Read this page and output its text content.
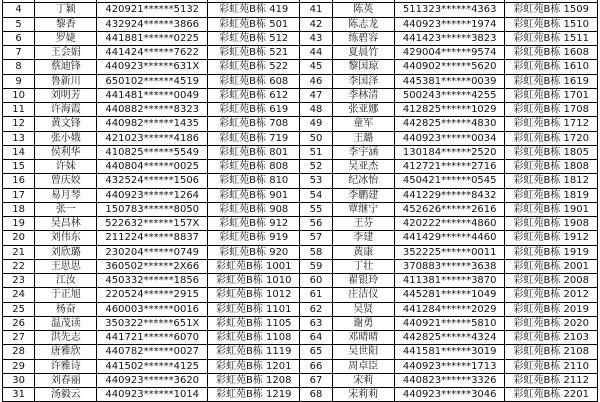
4	丁颖	420921******5132	彩虹苑B栋 419	41	陈英	511323******4363	彩虹苑B栋 1509
5	黎香	432924******3866	彩虹苑B栋 501	42	陈志龙	440923******1974	彩虹苑B栋 1510
6	罗婕	441881******0225	彩虹苑B栋 512	43	练碧容	441423******3823	彩虹苑B栋 1511
7	王会娟	441424******7622	彩虹苑B栋 521	44	夏晨竹	429004******9574	彩虹苑B栋 1608
8	蔡迪锋	440923******631X	彩虹苑B栋 522	45	黎国琼	440902******5620	彩虹苑B栋 1610
9	鲁新川	650102******4519	彩虹苑B栋 608	46	李国泽	445381******0039	彩虹苑B栋 1619
10	刘明芳	441481******0049	彩虹苑B栋 612	47	李林清	500243******4255	彩虹苑B栋 1701
11	许海霞	440882******8323	彩虹苑B栋 619	48	张亚娜	412825******1029	彩虹苑B栋 1708
12	黄文锋	440982******1435	彩虹苑B栋 708	49	童军	442825******4830	彩虹苑B栋 1712
13	张小娥	421023******4186	彩虹苑B栋 719	50	王璐	440923******0034	彩虹苑B栋 1720
14	侯利华	410825******5549	彩虹苑B栋 801	51	李宇涵	130184******2520	彩虹苑B栋 1805
15	许妹	440804******0025	彩虹苑B栋 808	52	吴亚杰	412721******2716	彩虹苑B栋 1808
16	曾庆姣	432524******1506	彩虹苑B栋 810	53	纪冰怡	450421******0545	彩虹苑B栋 1812
17	易月琴	440923******1264	彩虹苑B栋 901	54	李鹏建	441229******8432	彩虹苑B栋 1819
18	张一	150783******8050	彩虹苑B栋 908	55	覃继宁	452626******2616	彩虹苑B栋 1901
19	吴昌林	522632******157X	彩虹苑B栋 912	56	王芬	420222******4860	彩虹苑B栋 1908
20	刘伟东	211224******8837	彩虹苑B栋 919	57	李建	441429******4460	彩虹苑B栋 1912
21	刘欣璐	230204******0749	彩虹苑B栋 920	58	黄康	352225******0011	彩虹苑B栋 1919
22	王思思	360502******2X66	彩虹苑B栋 1001	59	丁壮	370883******3638	彩虹苑B栋 2001
23	江汝	450332******1856	彩虹苑B栋 1010	60	翟银玲	411381******3870	彩虹苑B栋 2008
24	于正旭	220524******2915	彩虹苑B栋 1012	61	庄洁仪	445281******1049	彩虹苑B栋 2012
25	杨奋	460003******0016	彩虹苑B栋 1101	62	吴贤	441284******2029	彩虹苑B栋 2019
26	温茂读	350322******651X	彩虹苑B栋 1105	63	谢勇	440921******5810	彩虹苑B栋 2020
27	洪先志	441721******6070	彩虹苑B栋 1108	64	邓晴晴	442825******4324	彩虹苑B栋 2103
28	唐雅欣	440782******0027	彩虹苑B栋 1119	65	吴世阳	441581******3019	彩虹苑B栋 2108
29	许雅诗	441502******4125	彩虹苑B栋 1201	66	周卓臣	440923******1713	彩虹苑B栋 2110
30	刘春丽	440923******3620	彩虹苑B栋 1208	67	宋莉	440823******3326	彩虹苑B栋 2112
31	汤毅云	440923******1014	彩虹苑B栋 1219	68	宋莉莉	440923******3046	彩虹苑B栋 2201
